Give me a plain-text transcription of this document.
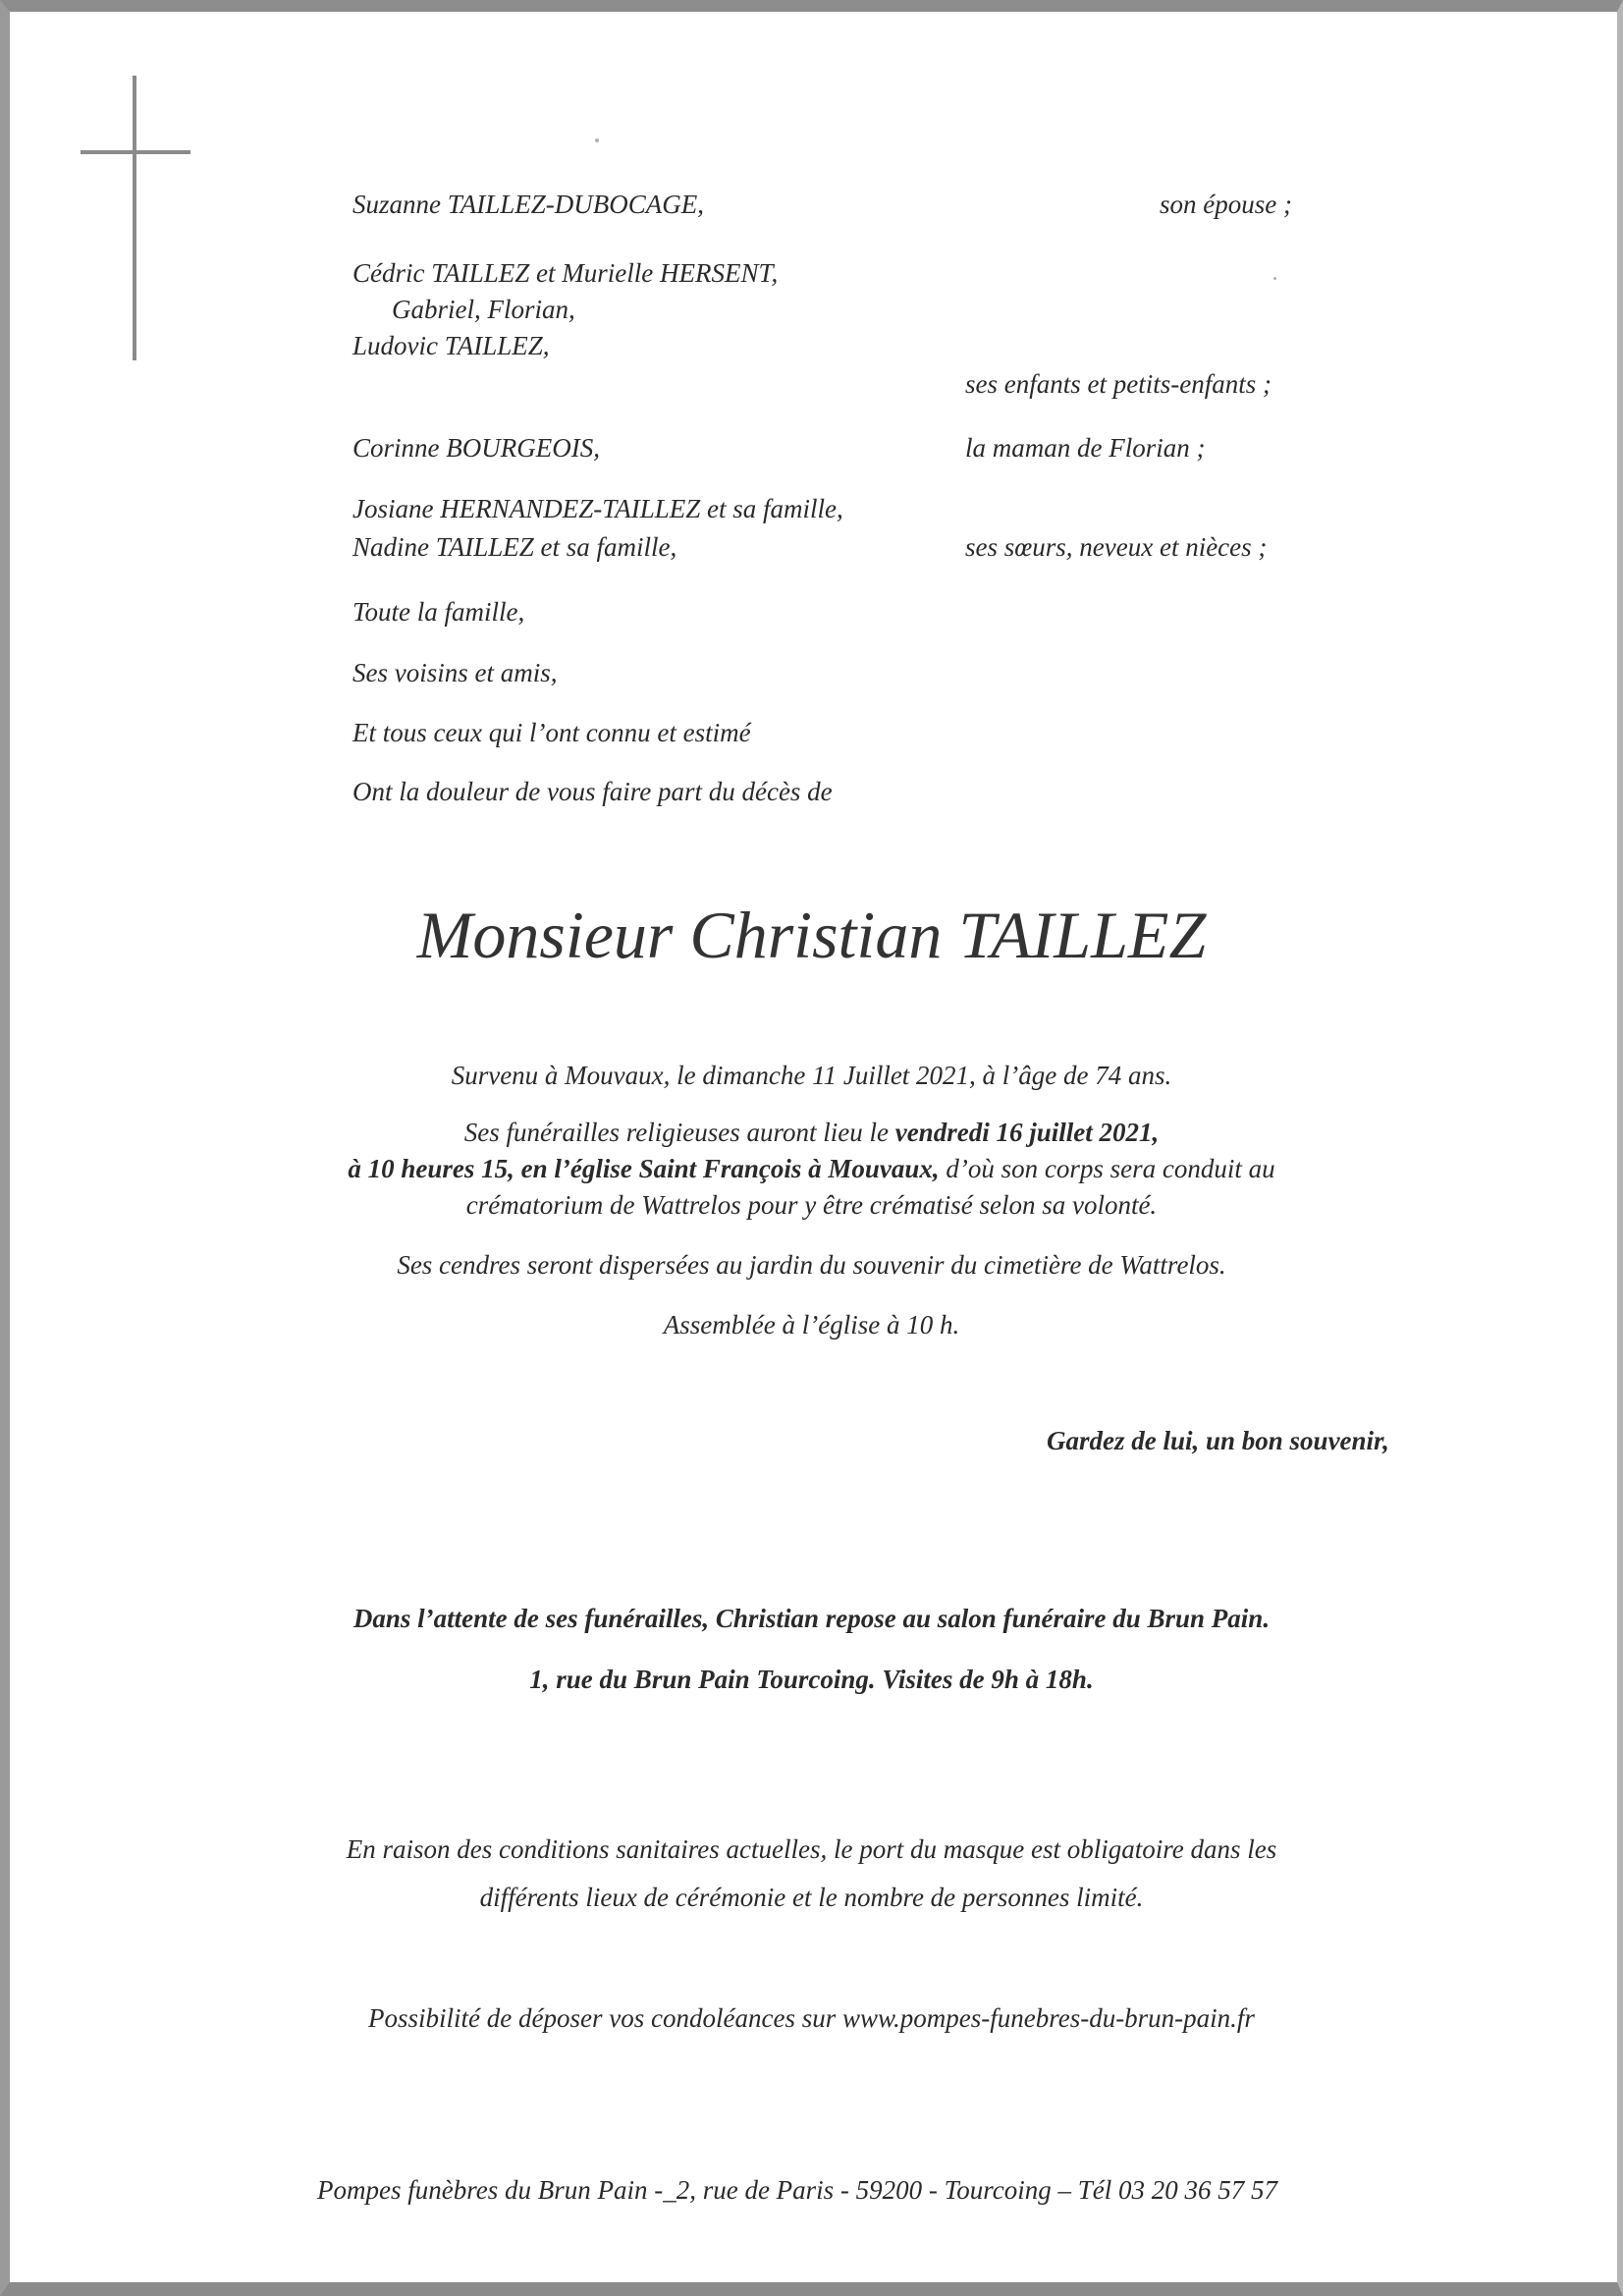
Suzanne TAILLEZ-DUBOCAGE,	son épouse ;
Cédric TAILLEZ et Murielle HERSENT,
Gabriel, Florian,
Ludovic TAILLEZ,
ses enfants et petits-enfants ;
Corinne BOURGEOIS,	la maman de Florian ;
Josiane HERNANDEZ-TAILLEZ et sa famille,
Nadine TAILLEZ et sa famille,	ses sœurs, neveux et nièces ;
Toute la famille,
Ses voisins et amis,
Et tous ceux qui l’ont connu et estimé
Ont la douleur de vous faire part du décès de
Monsieur Christian TAILLEZ
Survenu à Mouvaux, le dimanche 11 Juillet 2021, à l’âge de 74 ans.
Ses funérailles religieuses auront lieu le vendredi 16 juillet 2021,
à 10 heures 15, en l’église Saint François à Mouvaux, d’où son corps sera conduit au
crématorium de Wattrelos pour y être crématisé selon sa volonté.
Ses cendres seront dispersées au jardin du souvenir du cimetière de Wattrelos.
Assemblée à l’église à 10 h.
Gardez de lui, un bon souvenir,
Dans l’attente de ses funérailles, Christian repose au salon funéraire du Brun Pain.
1, rue du Brun Pain Tourcoing. Visites de 9h à 18h.
En raison des conditions sanitaires actuelles, le port du masque est obligatoire dans les
différents lieux de cérémonie et le nombre de personnes limité.
Possibilité de déposer vos condoléances sur www.pompes-funebres-du-brun-pain.fr
Pompes funèbres du Brun Pain -_2, rue de Paris - 59200 - Tourcoing – Tél 03 20 36 57 57
